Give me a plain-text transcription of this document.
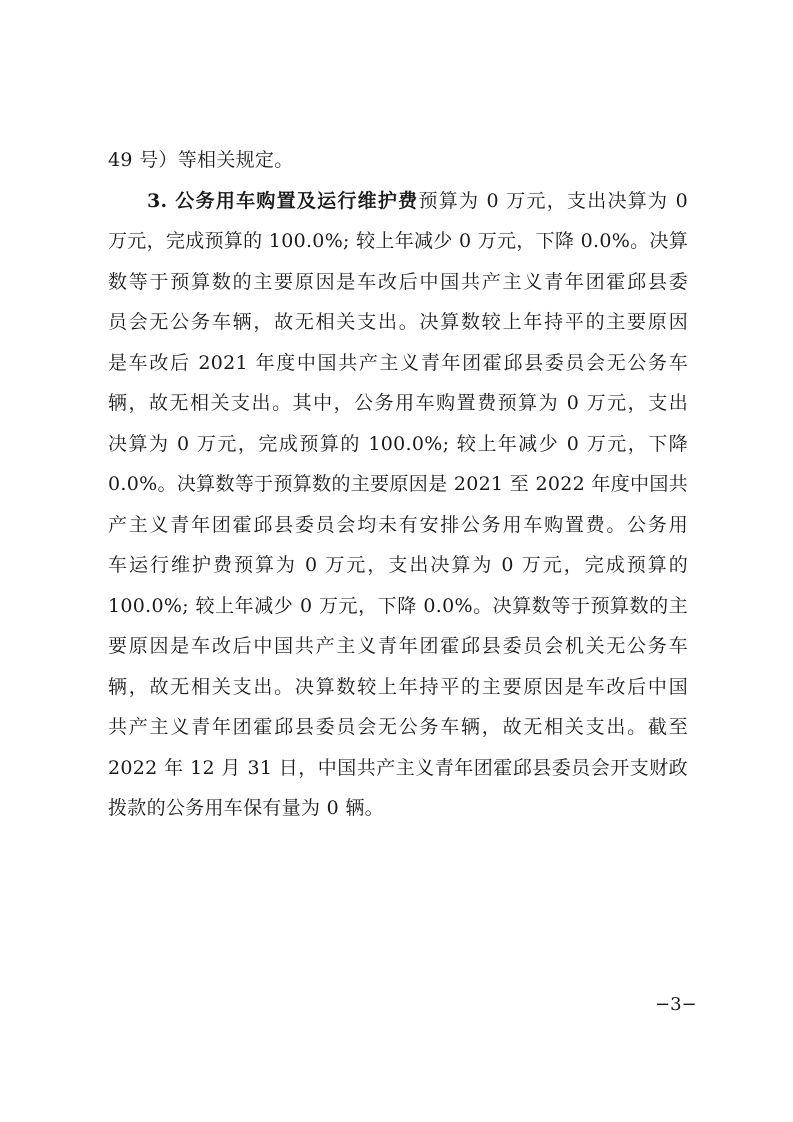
49 号）等相关规定。
3. 公务用车购置及运行维护费预算为 0 万元，支出决算为 0
万元，完成预算的 100.0%; 较上年减少 0 万元，下降 0.0%。决算
数等于预算数的主要原因是车改后中国共产主义青年团霍邱县委
员会无公务车辆，故无相关支出。决算数较上年持平的主要原因
是车改后 2021 年度中国共产主义青年团霍邱县委员会无公务车
辆，故无相关支出。其中，公务用车购置费预算为 0 万元，支出
决算为 0 万元，完成预算的 100.0%; 较上年减少 0 万元，下降
0.0%。决算数等于预算数的主要原因是 2021 至 2022 年度中国共
产主义青年团霍邱县委员会均未有安排公务用车购置费。公务用
车运行维护费预算为 0 万元，支出决算为 0 万元，完成预算的
100.0%; 较上年减少 0 万元，下降 0.0%。决算数等于预算数的主
要原因是车改后中国共产主义青年团霍邱县委员会机关无公务车
辆，故无相关支出。决算数较上年持平的主要原因是车改后中国
共产主义青年团霍邱县委员会无公务车辆，故无相关支出。截至
2022 年 12 月 31 日，中国共产主义青年团霍邱县委员会开支财政
拨款的公务用车保有量为 0 辆。
−3−
